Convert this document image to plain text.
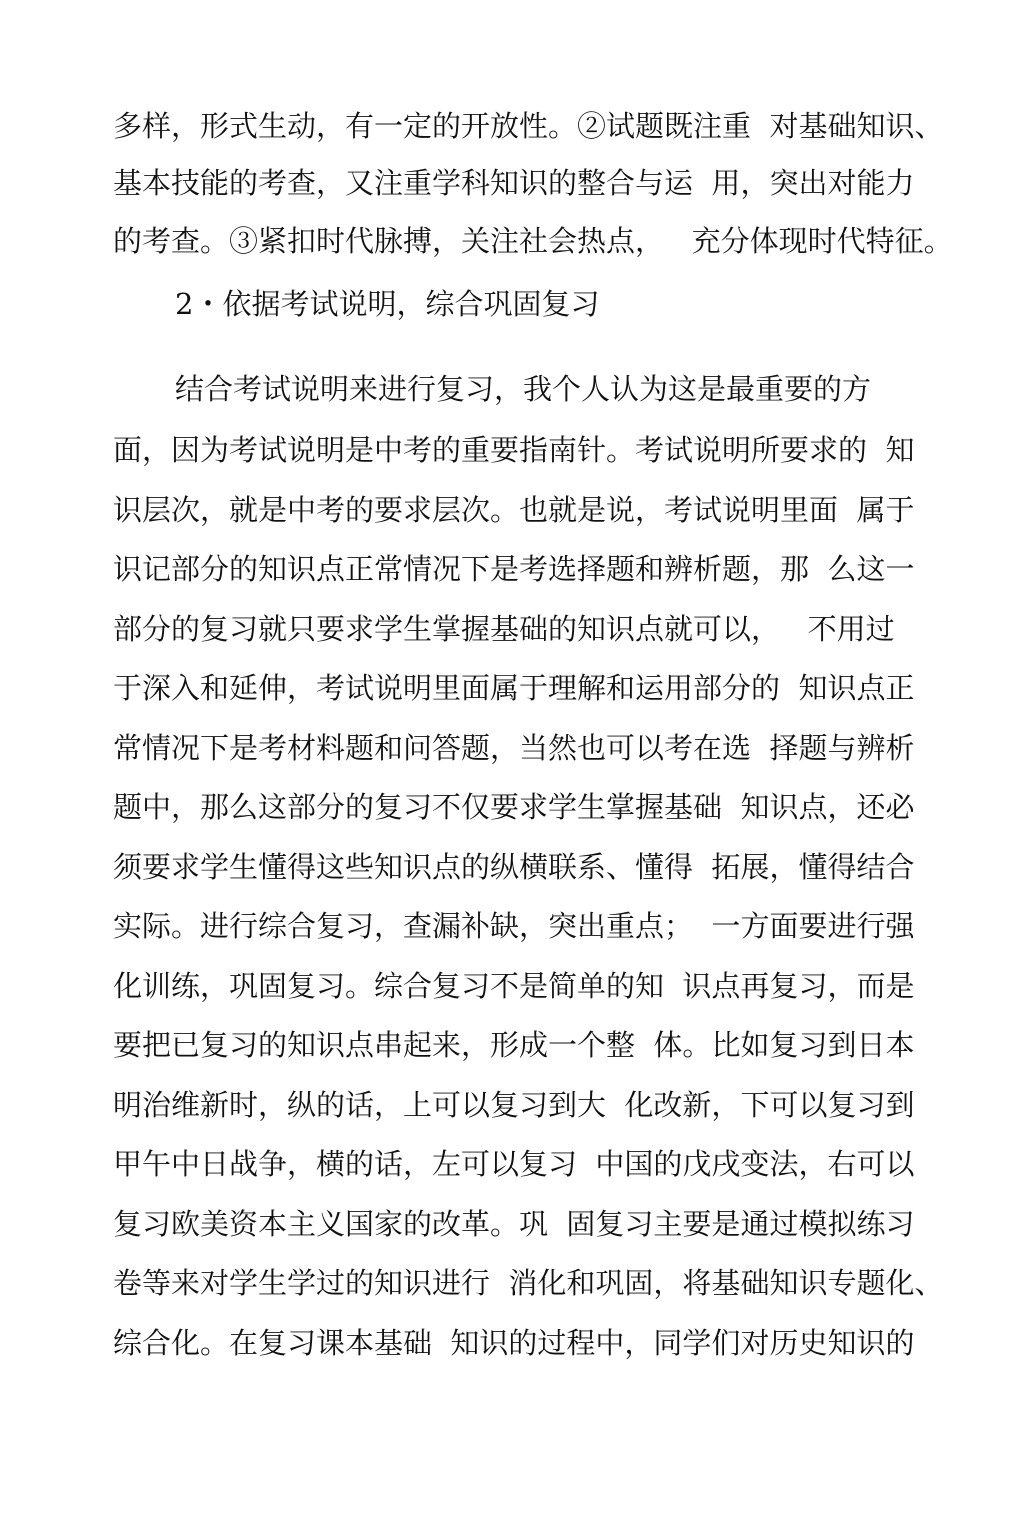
多样，形式生动，有一定的开放性。②试题既注重  对基础知识、
基本技能的考查，又注重学科知识的整合与运  用，突出对能力
的考查。③紧扣时代脉搏，关注社会热点，   充分体现时代特征。
2・依据考试说明，综合巩固复习
结合考试说明来进行复习，我个人认为这是最重要的方
面，因为考试说明是中考的重要指南针。考试说明所要求的  知
识层次，就是中考的要求层次。也就是说，考试说明里面  属于
识记部分的知识点正常情况下是考选择题和辨析题，那  么这一
部分的复习就只要求学生掌握基础的知识点就可以，   不用过
于深入和延伸，考试说明里面属于理解和运用部分的  知识点正
常情况下是考材料题和问答题，当然也可以考在选  择题与辨析
题中，那么这部分的复习不仅要求学生掌握基础  知识点，还必
须要求学生懂得这些知识点的纵横联系、懂得  拓展，懂得结合
实际。进行综合复习，查漏补缺，突出重点；  一方面要进行强
化训练，巩固复习。综合复习不是简单的知  识点再复习，而是
要把已复习的知识点串起来，形成一个整  体。比如复习到日本
明治维新时，纵的话，上可以复习到大  化改新，下可以复习到
甲午中日战争，横的话，左可以复习  中国的戊戌变法，右可以
复习欧美资本主义国家的改革。巩  固复习主要是通过模拟练习
卷等来对学生学过的知识进行  消化和巩固，将基础知识专题化、
综合化。在复习课本基础  知识的过程中，同学们对历史知识的
